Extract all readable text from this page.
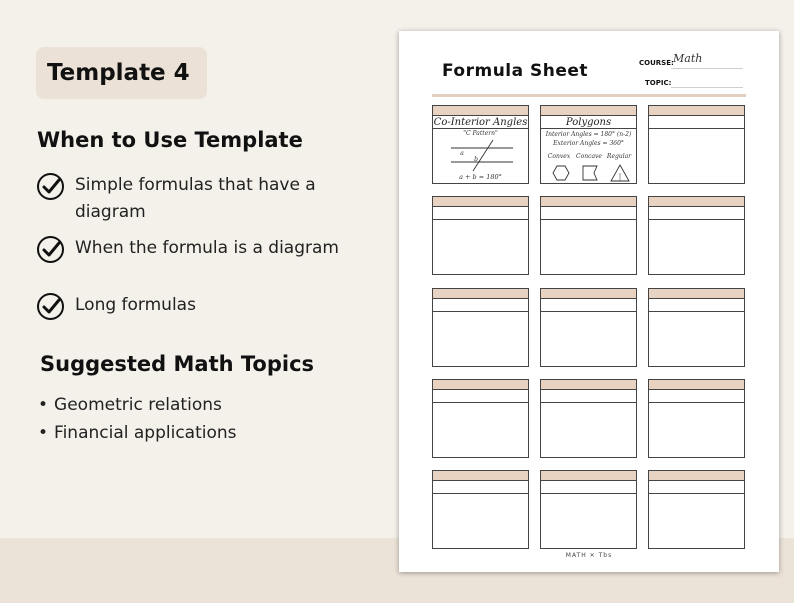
Template 4
When to Use Template
Simple formulas that have a
diagram
When the formula is a diagram
Long formulas
Suggested Math Topics
• Geometric relations
• Financial applications
Formula Sheet	COURSE: Math
TOPIC:
Co-Interior Angles
"C Pattern"
a
b
a + b = 180°
Polygons
Interior Angles = 180° (n-2)
Exterior Angles = 360°
Convex Concave Regular
MATH ✕ Tbs
